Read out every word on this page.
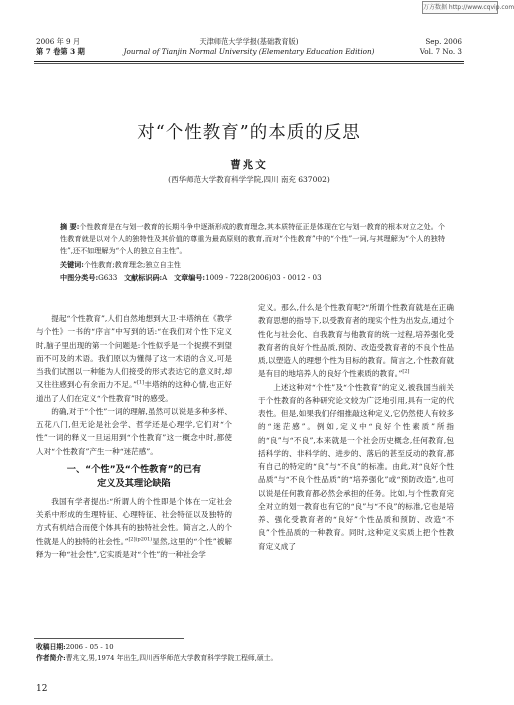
万方数据 http://www.cqvip.com
2006 年 9 月
第 7 卷第 3 期
天津师范大学学报(基础教育版)
Journal of Tianjin Normal University (Elementary Education Edition)
Sep. 2006
Vol. 7 No. 3
对“个性教育”的本质的反思
曹兆文
(西华师范大学教育科学学院,四川 南充 637002)
摘 要:个性教育是在与划一教育的长期斗争中逐渐形成的教育理念,其本质特征正是体现在它与划一教育的根本对立之处。个性教育就是以对个人的独特性及其价值的尊重为最高原则的教育,而对“个性教育”中的“个性”一词,与其理解为“个人的独特性”,还不如理解为“个人的独立自主性”。
关键词:个性教育;教育理念;独立自主性
中图分类号:G633 文献标识码:A 文章编号:1009 - 7228(2006)03 - 0012 - 03

提起“个性教育”,人们自然地想到大卫·丰塔纳在《教学与个性》一书的“序言”中写到的话:“在我们对个性下定义时,脑子里出现的第一个问题是:个性似乎是一个捉摸不到望而不可及的术语。我们原以为懂得了这一术语的含义,可是当我们试图以一种能为人们接受的形式表达它的意义时,却又往往感到心有余而力不足。”[1]丰塔纳的这种心情,也正好道出了人们在定义“个性教育”时的感受。

的确,对于“个性”一词的理解,虽然可以说是多种多样、五花八门,但无论是社会学、哲学还是心理学,它们对“个性”一词的释义一旦运用到“个性教育”这一概念中时,都使人对“个性教育”产生一种“迷茫感”。

一、“个性”及“个性教育”的已有
定义及其理论缺陷

我国有学者提出:“所谓人的个性即是个体在一定社会关系中形成的生理特征、心理特征、社会特征以及独特的方式有机结合而使个体具有的独特社会性。简言之,人的个性就是人的独特的社会性。”$^{[2](p201)}$显然,这里的“个性”被解释为一种“社会性”,它实质是对“个性”的一种社会学

定义。那么,什么是个性教育呢?“所谓个性教育就是在正确教育思想的指导下,以受教育者的现实个性为出发点,通过个性化与社会化、自我教育与他教育的统一过程,培养强化受教育者的良好个性品质,预防、改造受教育者的不良个性品质,以塑造人的理想个性为目标的教育。简言之,个性教育就是有目的地培养人的良好个性素质的教育。”[2]

上述这种对“个性”及“个性教育”的定义,被我国当前关于个性教育的各种研究论文较为广泛地引用,具有一定的代表性。但是,如果我们仔细推敲这种定义,它仍然使人有较多的“迷茫感”。例如,定义中“良好个性素质”所指的“良”与“不良”,本来就是一个社会历史概念,任何教育,包括科学的、非科学的、进步的、落后的甚至反动的教育,都有自己的特定的“良”与“不良”的标准。由此,对“良好个性品质”与“不良个性品质”的“培养强化”或“预防改造”,也可以说是任何教育都必然会承担的任务。比如,与个性教育完全对立的划一教育也有它的“良”与“不良”的标准,它也是培养、强化受教育者的“良好”个性品质和预防、改造“不良”个性品质的一种教育。同时,这种定义实质上把个性教育定义成了

收稿日期:2006 - 05 - 10
作者简介:曹兆文,男,1974 年出生,四川西华师范大学教育科学学院工程师,硕士。
12
